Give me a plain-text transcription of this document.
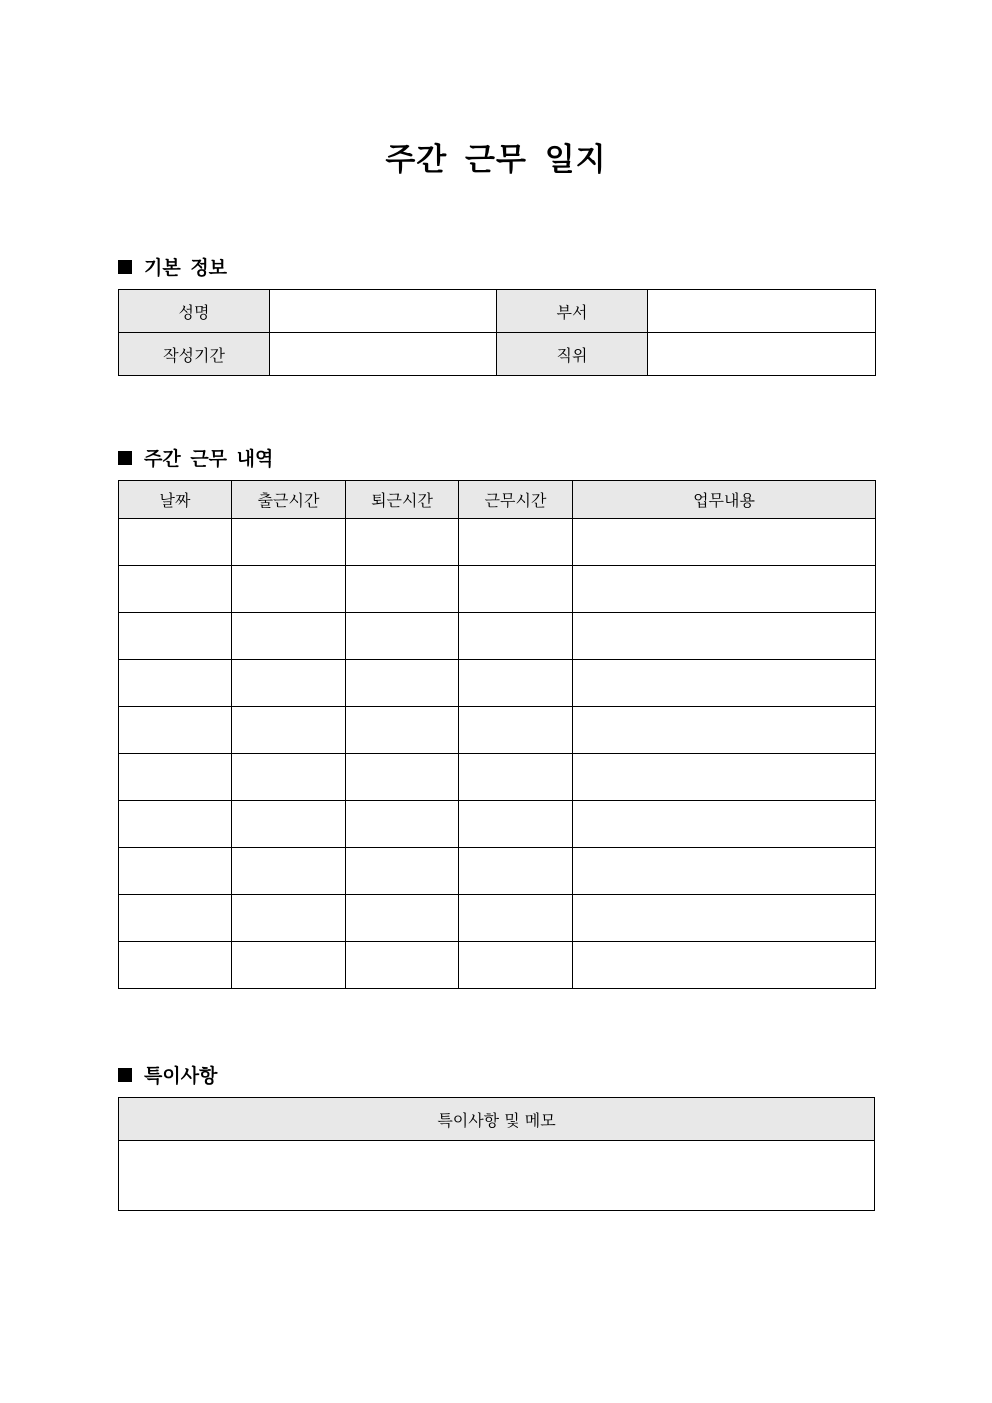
주간 근무 일지
기본 정보
성명		부서	
작성기간		직위	
주간 근무 내역
날짜	출근시간	퇴근시간	근무시간	업무내용

특이사항
특이사항 및 메모
